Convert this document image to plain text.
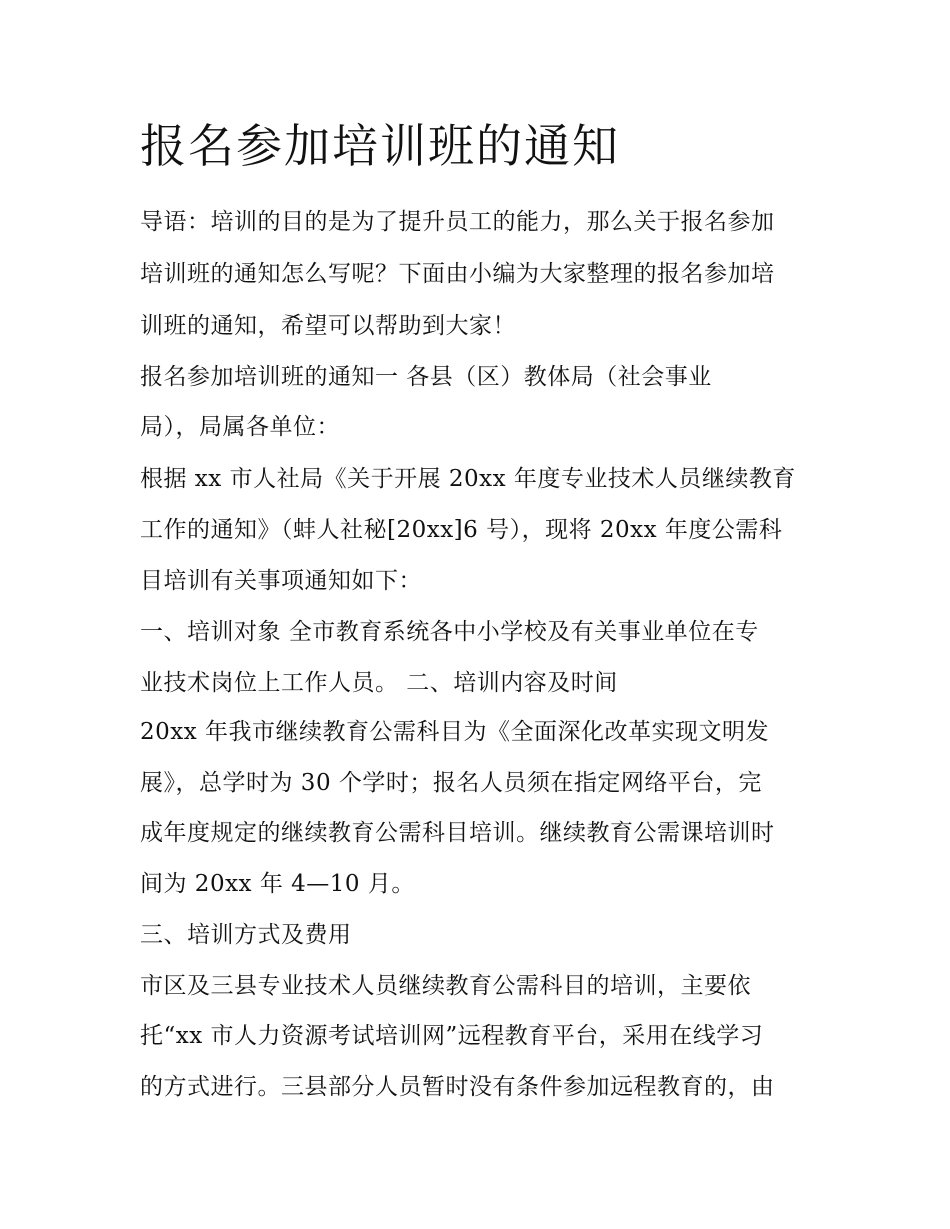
报名参加培训班的通知
导语：培训的目的是为了提升员工的能力，那么关于报名参加
培训班的通知怎么写呢？下面由小编为大家整理的报名参加培
训班的通知，希望可以帮助到大家！
报名参加培训班的通知一 各县（区）教体局（社会事业
局），局属各单位：
根据 xx 市人社局《关于开展 20xx 年度专业技术人员继续教育
工作的通知》（蚌人社秘[20xx]6 号），现将 20xx 年度公需科
目培训有关事项通知如下：
一、培训对象 全市教育系统各中小学校及有关事业单位在专
业技术岗位上工作人员。 二、培训内容及时间
20xx 年我市继续教育公需科目为《全面深化改革实现文明发
展》，总学时为 30 个学时；报名人员须在指定网络平台，完
成年度规定的继续教育公需科目培训。继续教育公需课培训时
间为 20xx 年 4—10 月。
三、培训方式及费用
市区及三县专业技术人员继续教育公需科目的培训，主要依
托“xx 市人力资源考试培训网”远程教育平台，采用在线学习
的方式进行。三县部分人员暂时没有条件参加远程教育的，由
